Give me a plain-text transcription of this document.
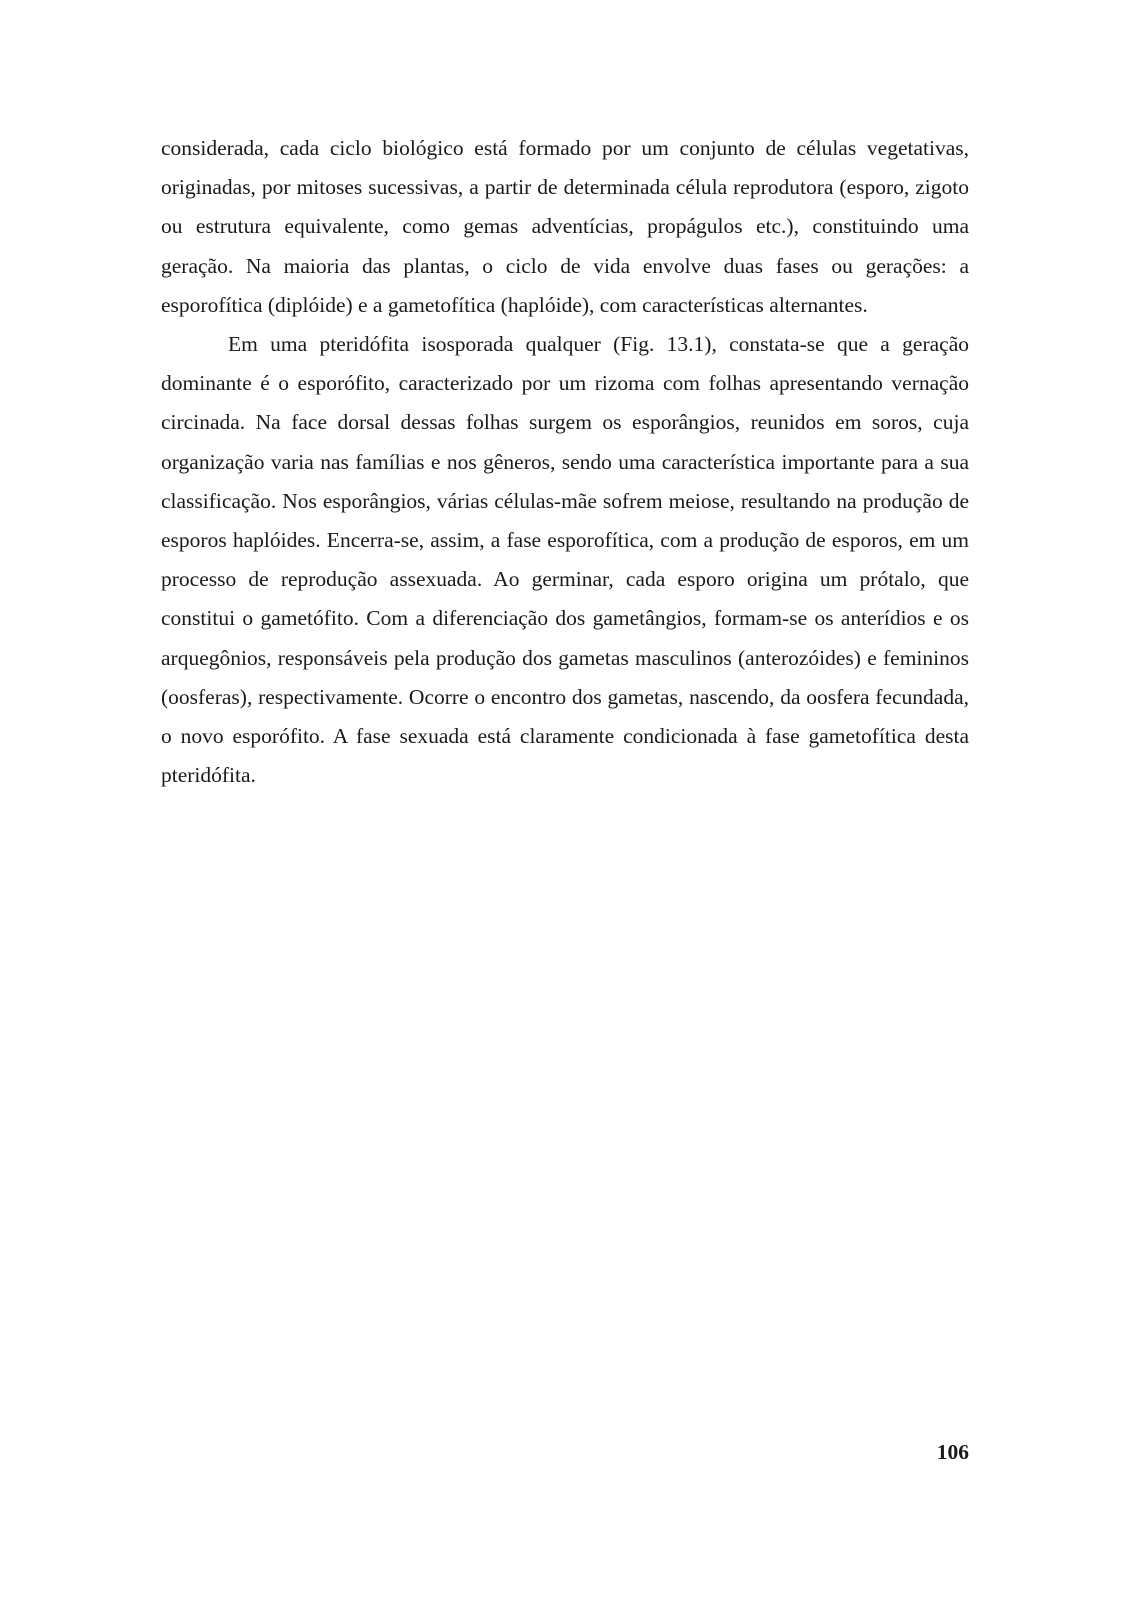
considerada, cada ciclo biológico está formado por um conjunto de células vegetativas, originadas, por mitoses sucessivas, a partir de determinada célula reprodutora (esporo, zigoto ou estrutura equivalente, como gemas adventícias, propágulos etc.), constituindo uma geração. Na maioria das plantas, o ciclo de vida envolve duas fases ou gerações: a esporofítica (diplóide) e a gametofítica (haplóide), com características alternantes.

Em uma pteridófita isosporada qualquer (Fig. 13.1), constata-se que a geração dominante é o esporófito, caracterizado por um rizoma com folhas apresentando vernação circinada. Na face dorsal dessas folhas surgem os esporângios, reunidos em soros, cuja organização varia nas famílias e nos gêneros, sendo uma característica importante para a sua classificação. Nos esporângios, várias células-mãe sofrem meiose, resultando na produção de esporos haplóides. Encerra-se, assim, a fase esporofítica, com a produção de esporos, em um processo de reprodução assexuada. Ao germinar, cada esporo origina um prótalo, que constitui o gametófito. Com a diferenciação dos gametângios, formam-se os anterídios e os arquegônios, responsáveis pela produção dos gametas masculinos (anterozóides) e femininos (oosferas), respectivamente. Ocorre o encontro dos gametas, nascendo, da oosfera fecundada, o novo esporófito. A fase sexuada está claramente condicionada à fase gametofítica desta pteridófita.

106
